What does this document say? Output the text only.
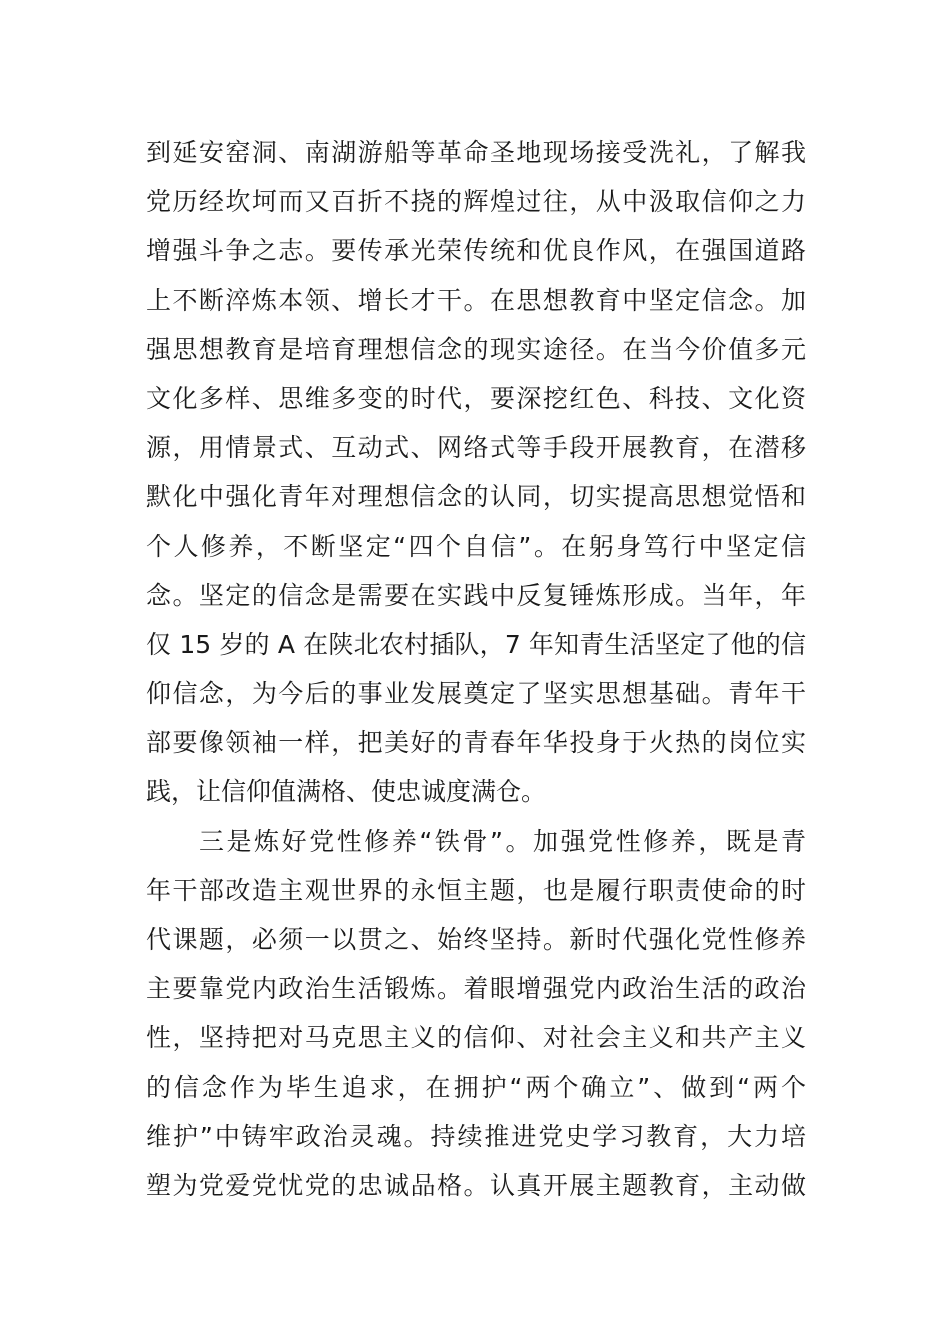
到延安窑洞、南湖游船等革命圣地现场接受洗礼，了解我
党历经坎坷而又百折不挠的辉煌过往，从中汲取信仰之力
增强斗争之志。要传承光荣传统和优良作风，在强国道路
上不断淬炼本领、增长才干。在思想教育中坚定信念。加
强思想教育是培育理想信念的现实途径。在当今价值多元
文化多样、思维多变的时代，要深挖红色、科技、文化资
源，用情景式、互动式、网络式等手段开展教育，在潜移
默化中强化青年对理想信念的认同，切实提高思想觉悟和
个人修养，不断坚定“四个自信”。在躬身笃行中坚定信
念。坚定的信念是需要在实践中反复锤炼形成。当年，年
仅 15 岁的 A 在陕北农村插队，7 年知青生活坚定了他的信
仰信念，为今后的事业发展奠定了坚实思想基础。青年干
部要像领袖一样，把美好的青春年华投身于火热的岗位实
践，让信仰值满格、使忠诚度满仓。
三是炼好党性修养“铁骨”。加强党性修养，既是青
年干部改造主观世界的永恒主题，也是履行职责使命的时
代课题，必须一以贯之、始终坚持。新时代强化党性修养
主要靠党内政治生活锻炼。着眼增强党内政治生活的政治
性，坚持把对马克思主义的信仰、对社会主义和共产主义
的信念作为毕生追求，在拥护“两个确立”、做到“两个
维护”中铸牢政治灵魂。持续推进党史学习教育，大力培
塑为党爱党忧党的忠诚品格。认真开展主题教育，主动做
